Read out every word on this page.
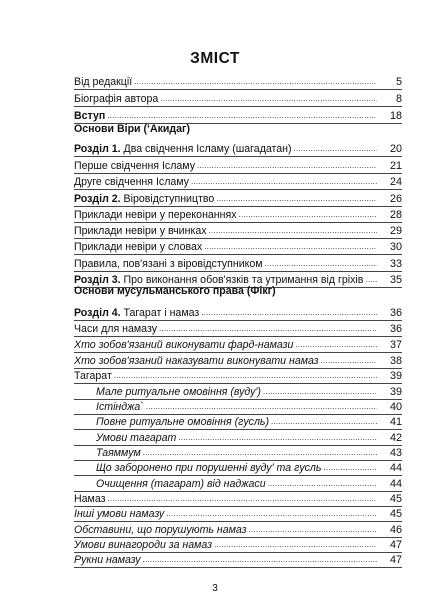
ЗМІСТ
Від редакції .....	5
Біографія автора .....	8
Вступ .....	18
Основи Віри (ʻАкидаг)
Розділ 1. Два свідчення Ісламу (шагадатан) .....	20
Перше свідчення Ісламу .....	21
Друге свідчення Ісламу .....	24
Розділ 2. Віровідступництво .....	26
Приклади невіри у переконаннях .....	28
Приклади невіри у вчинках .....	29
Приклади невіри у словах .....	30
Правила, пов'язані з віровідступником .....	33
Розділ 3. Про виконання обов'язків та утримання від гріхів .....	35
Основи мусульманського права (Фікг)
Розділ 4. Тагарат і намаз .....	36
Часи для намазу .....	36
Хто зобов'язаний виконувати фард-намази .....	37
Хто зобов'язаний наказувати виконувати намаз .....	38
Тагарат .....	39
Мале ритуальне омовіння (вуду') .....	39
Істінджа` .....	40
Повне ритуальне омовіння (гусль) .....	41
Умови тагарат .....	42
Таяммум .....	43
Що заборонено при порушенні вуду' та гусль .....	44
Очищення (тагарат) від наджаси .....	44
Намаз .....	45
Інші умови намазу .....	45
Обставини, що порушують намаз .....	46
Умови винагороди за намаз .....	47
Рукни намазу .....	47
3
